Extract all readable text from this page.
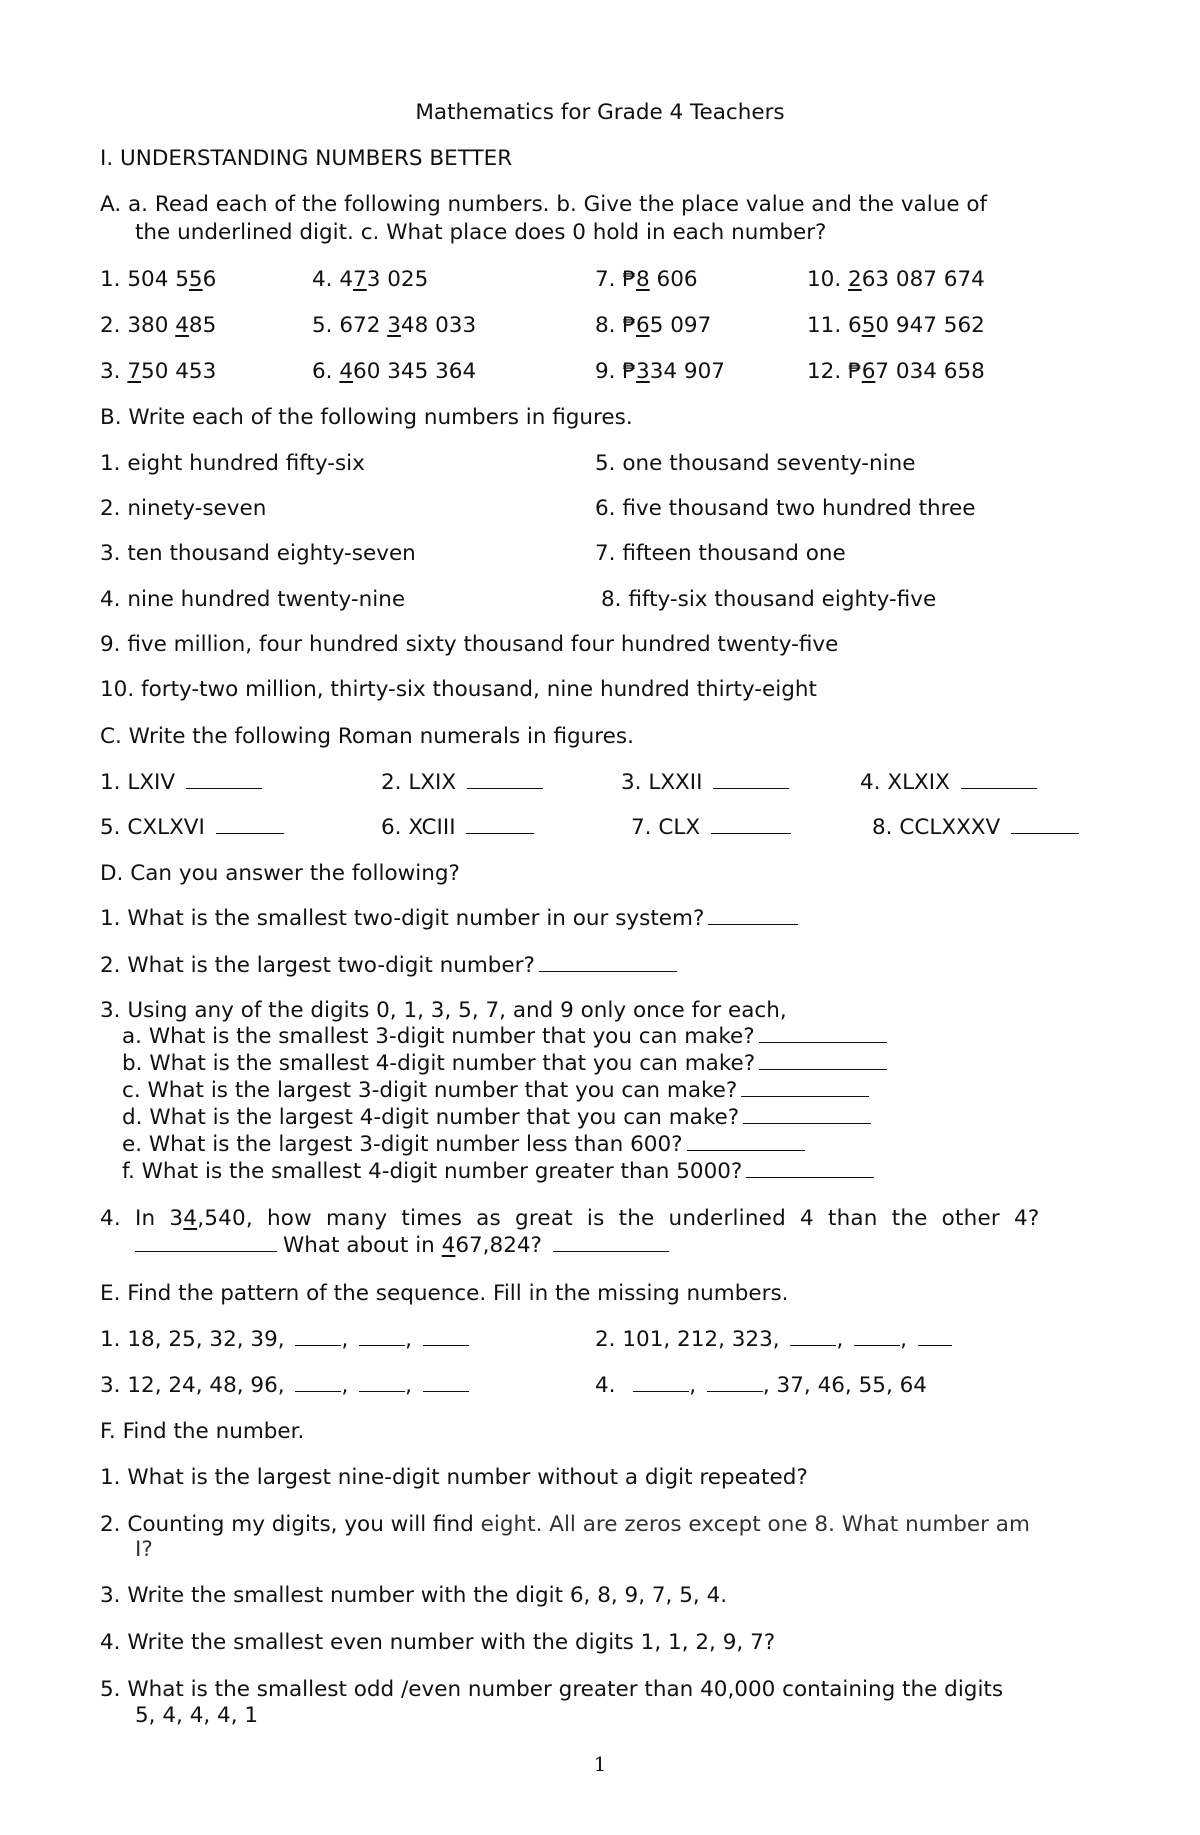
Mathematics for Grade 4 Teachers
I. UNDERSTANDING NUMBERS BETTER
A. a. Read each of the following numbers. b. Give the place value and the value of
the underlined digit. c. What place does 0 hold in each number?
1. 504 556	4. 473 025	7. ₱8 606	10. 263 087 674
2. 380 485	5. 672 348 033	8. ₱65 097	11. 650 947 562
3. 750 453	6. 460 345 364	9. ₱334 907	12. ₱67 034 658
B. Write each of the following numbers in figures.
1. eight hundred fifty-six	5. one thousand seventy-nine
2. ninety-seven	6. five thousand two hundred three
3. ten thousand eighty-seven	7. fifteen thousand one
4. nine hundred twenty-nine	8. fifty-six thousand eighty-five
9. five million, four hundred sixty thousand four hundred twenty-five
10. forty-two million, thirty-six thousand, nine hundred thirty-eight
C. Write the following Roman numerals in figures.
1. LXIV	2. LXIX	3. LXXII	4. XLXIX
5. CXLXVI	6. XCIII	7. CLX	8. CCLXXXV
D. Can you answer the following?
1. What is the smallest two-digit number in our system?
2. What is the largest two-digit number?
3. Using any of the digits 0, 1, 3, 5, 7, and 9 only once for each,
a. What is the smallest 3-digit number that you can make?
b. What is the smallest 4-digit number that you can make?
c. What is the largest 3-digit number that you can make?
d. What is the largest 4-digit number that you can make?
e. What is the largest 3-digit number less than 600?
f. What is the smallest 4-digit number greater than 5000?
4.  In  34,540,  how  many  times  as  great  is  the  underlined  4  than  the  other  4?
What about in 467,824?
E. Find the pattern of the sequence. Fill in the missing numbers.
1. 18, 25, 32, 39,	,	,	2. 101, 212, 323,	,	,
3. 12, 24, 48, 96,	,	,	4.	,	, 37, 46, 55, 64
F. Find the number.
1. What is the largest nine-digit number without a digit repeated?
2. Counting my digits, you will find eight. All are zeros except one 8. What number am
I?
3. Write the smallest number with the digit 6, 8, 9, 7, 5, 4.
4. Write the smallest even number with the digits 1, 1, 2, 9, 7?
5. What is the smallest odd /even number greater than 40,000 containing the digits
5, 4, 4, 4, 1
1
